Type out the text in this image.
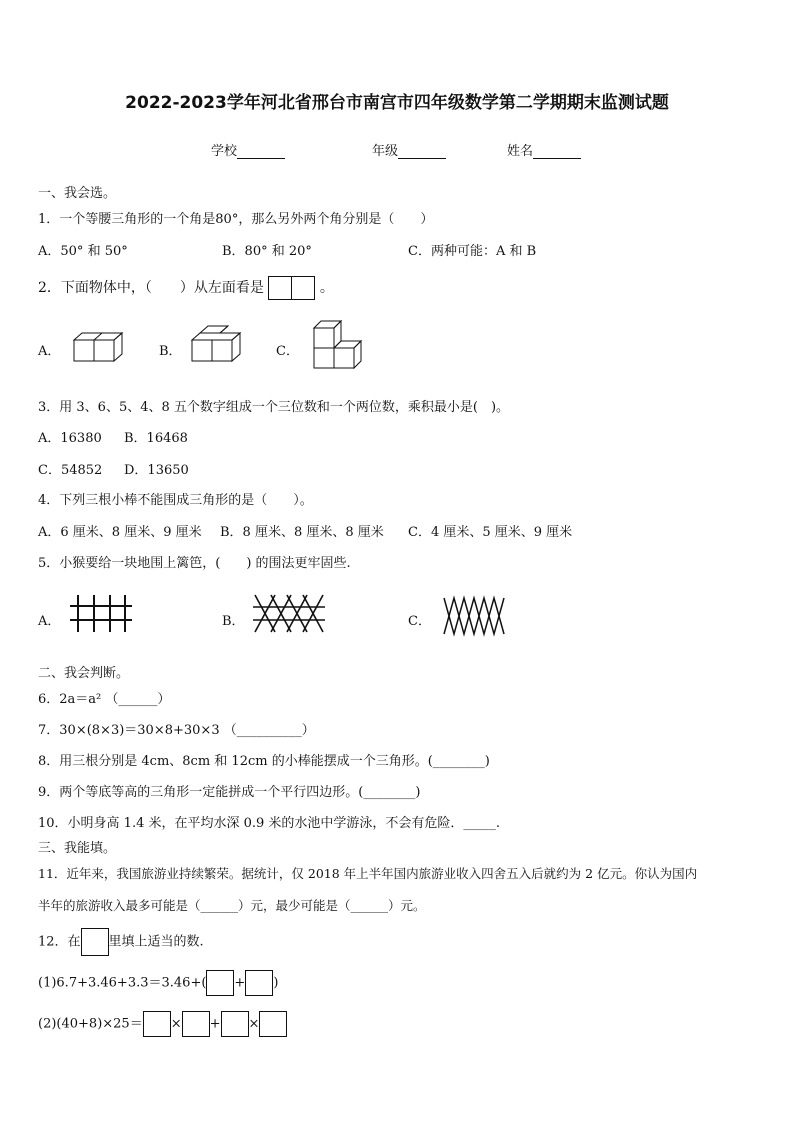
2022-2023学年河北省邢台市南宫市四年级数学第二学期期末监测试题
学校	年级	姓名
一、我会选。
1．一个等腰三角形的一个角是80°，那么另外两个角分别是（　　）
A．50° 和 50°	B．80° 和 20°	C．两种可能：A 和 B
2．下面物体中，（　　）从左面看是	。
A．	B．	C．
3．用 3、6、5、4、8 五个数字组成一个三位数和一个两位数，乘积最小是(　)。
A．16380 B．16468
C．54852 D．13650
4．下列三根小棒不能围成三角形的是（　　）。
A．6 厘米、8 厘米、9 厘米 B．8 厘米、8 厘米、8 厘米 C．4 厘米、5 厘米、9 厘米
5．小猴要给一块地围上篱笆，(　　) 的围法更牢固些.
A．	B．	C．
二、我会判断。
6．2a＝a² （______）
7．30×(8×3)＝30×8+30×3 （__________）
8．用三根分别是 4cm、8cm 和 12cm 的小棒能摆成一个三角形。(________)
9．两个等底等高的三角形一定能拼成一个平行四边形。(________)
10．小明身高 1.4 米，在平均水深 0.9 米的水池中学游泳，不会有危险．_____.
三、我能填。
11．近年来，我国旅游业持续繁荣。据统计，仅 2018 年上半年国内旅游业收入四舍五入后就约为 2 亿元。你认为国内
半年的旅游收入最多可能是（______）元，最少可能是（______）元。
12．在 里填上适当的数.
(1)6.7+3.46+3.3＝3.46+( + )
(2)(40+8)×25＝ × + ×
